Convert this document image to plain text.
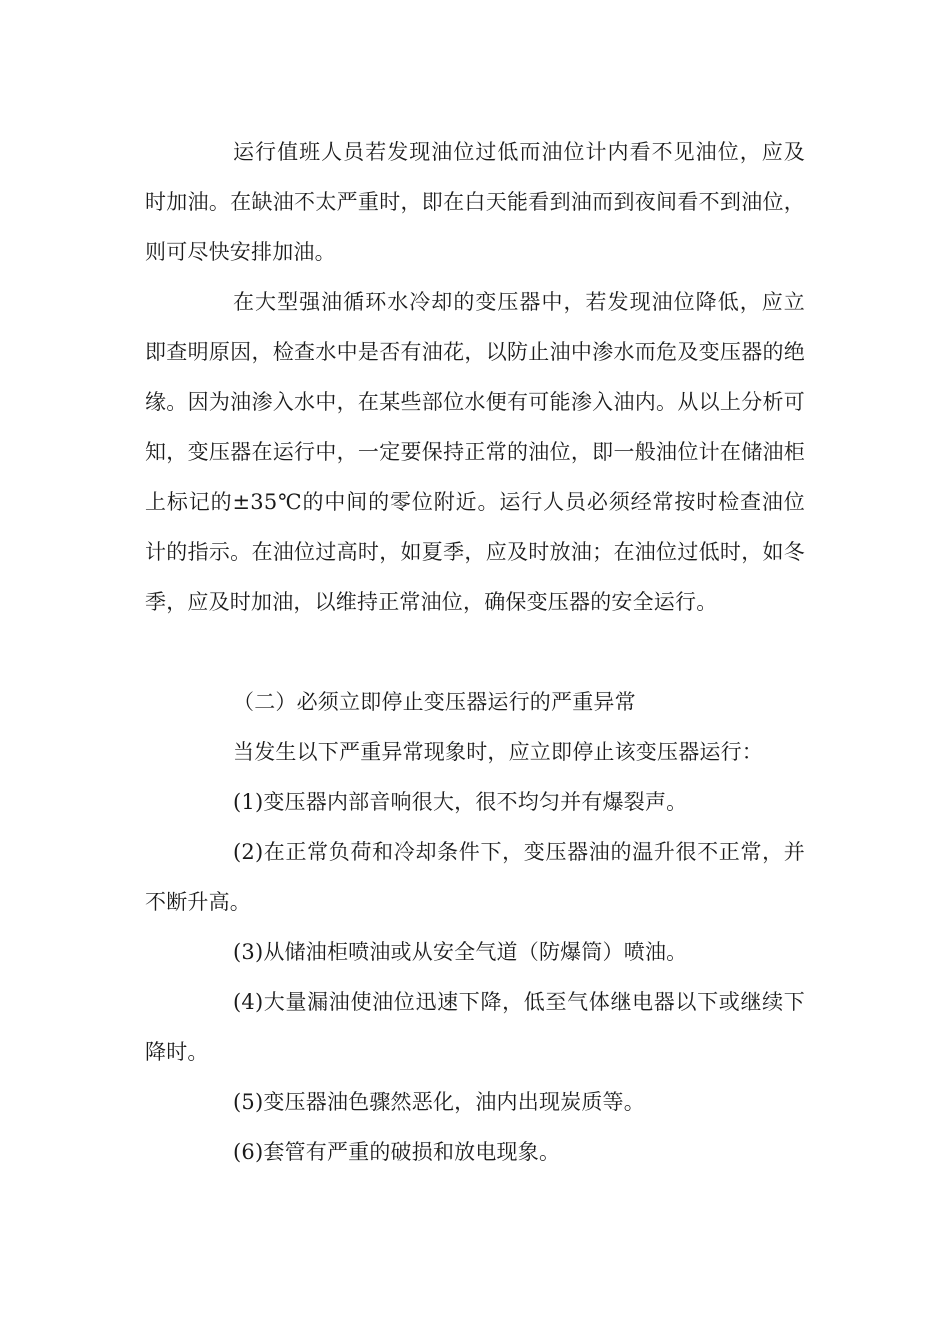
运行值班人员若发现油位过低而油位计内看不见油位，应及时加油。在缺油不太严重时，即在白天能看到油而到夜间看不到油位，则可尽快安排加油。

在大型强油循环水冷却的变压器中，若发现油位降低，应立即查明原因，检查水中是否有油花，以防止油中渗水而危及变压器的绝缘。因为油渗入水中，在某些部位水便有可能渗入油内。从以上分析可知，变压器在运行中，一定要保持正常的油位，即一般油位计在储油柜上标记的±35℃的中间的零位附近。运行人员必须经常按时检查油位计的指示。在油位过高时，如夏季，应及时放油；在油位过低时，如冬季，应及时加油，以维持正常油位，确保变压器的安全运行。

（二）必须立即停止变压器运行的严重异常

当发生以下严重异常现象时，应立即停止该变压器运行：

(1)变压器内部音响很大，很不均匀并有爆裂声。

(2)在正常负荷和冷却条件下，变压器油的温升很不正常，并不断升高。

(3)从储油柜喷油或从安全气道（防爆筒）喷油。

(4)大量漏油使油位迅速下降，低至气体继电器以下或继续下降时。

(5)变压器油色骤然恶化，油内出现炭质等。

(6)套管有严重的破损和放电现象。
